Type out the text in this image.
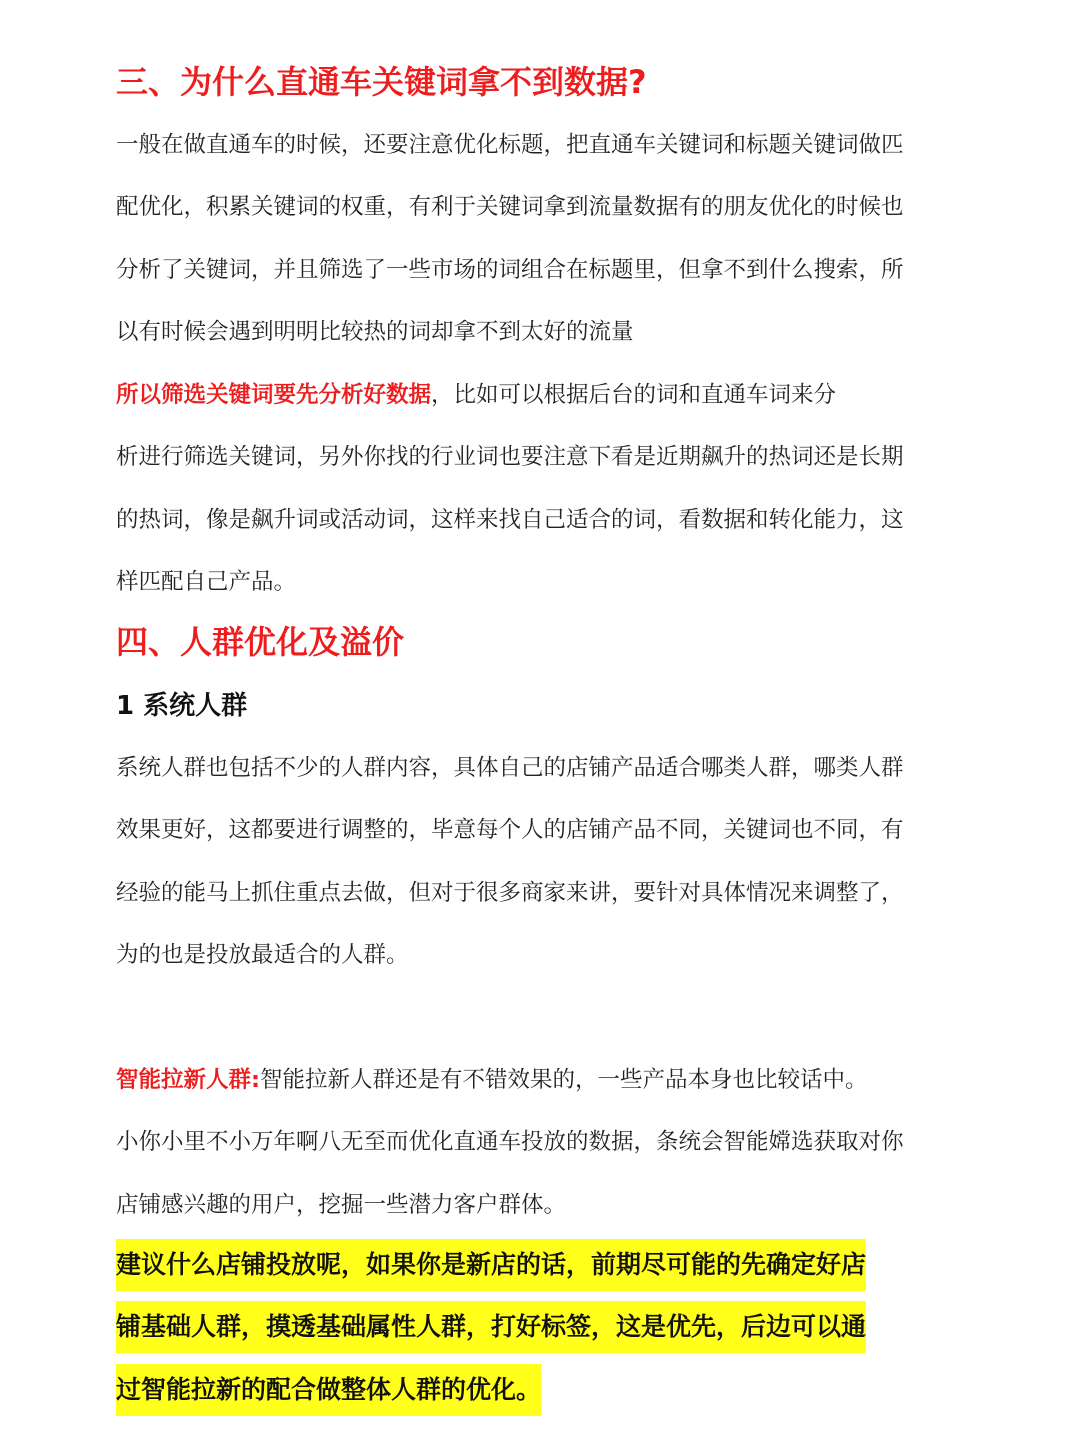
三、为什么直通车关键词拿不到数据?
一般在做直通车的时候，还要注意优化标题，把直通车关键词和标题关键词做匹
配优化，积累关键词的权重，有利于关键词拿到流量数据有的朋友优化的时候也
分析了关键词，并且筛选了一些市场的词组合在标题里，但拿不到什么搜索，所
以有时候会遇到明明比较热的词却拿不到太好的流量
所以筛选关键词要先分析好数据，比如可以根据后台的词和直通车词来分
析进行筛选关键词，另外你找的行业词也要注意下看是近期飙升的热词还是长期
的热词，像是飙升词或活动词，这样来找自己适合的词，看数据和转化能力，这
样匹配自己产品。
四、人群优化及溢价
1 系统人群
系统人群也包括不少的人群内容，具体自己的店铺产品适合哪类人群，哪类人群
效果更好，这都要进行调整的，毕意每个人的店铺产品不同，关键词也不同，有
经验的能马上抓住重点去做，但对于很多商家来讲，要针对具体情况来调整了，
为的也是投放最适合的人群。
智能拉新人群:智能拉新人群还是有不错效果的，一些产品本身也比较话中。
小你小里不小万年啊八无至而优化直通车投放的数据，条统会智能嫦选获取对你
店铺感兴趣的用户，挖掘一些潜力客户群体。
建议什么店铺投放呢，如果你是新店的话，前期尽可能的先确定好店
铺基础人群，摸透基础属性人群，打好标签，这是优先，后边可以通
过智能拉新的配合做整体人群的优化。
